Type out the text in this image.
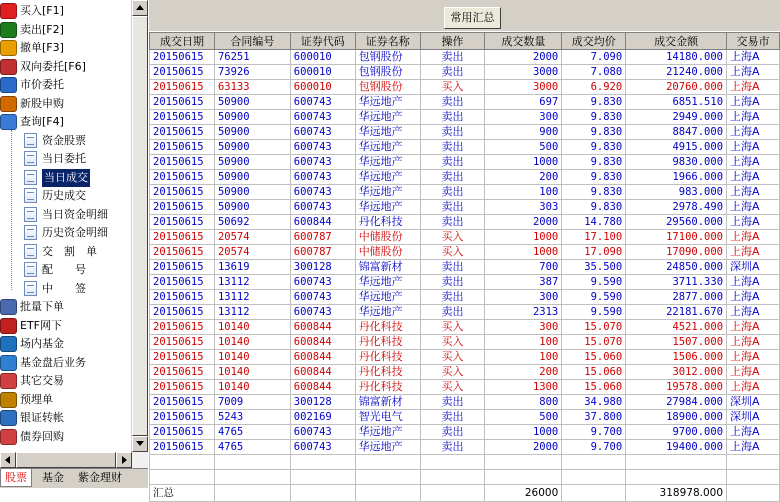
买入[F1]
卖出[F2]
撤单[F3]
双向委托[F6]
市价委托
新股申购
查询[F4]
资金股票
当日委托
当日成交
历史成交
当日资金明细
历史资金明细
交　割　单
配　　号
中　　签
批量下单
ETF网下
场内基金
基金盘后业务
其它交易
预埋单
银证转帐
债券回购
股票	基金	紫金理财
常用汇总
成交日期	合同编号	证券代码	证券名称	操作	成交数量	成交均价	成交金额	交易市
20150615	76251	600010	包钢股份	卖出	2000	7.090	14180.000	上海A
20150615	73926	600010	包钢股份	卖出	3000	7.080	21240.000	上海A
20150615	63133	600010	包钢股份	买入	3000	6.920	20760.000	上海A
20150615	50900	600743	华远地产	卖出	697	9.830	6851.510	上海A
20150615	50900	600743	华远地产	卖出	300	9.830	2949.000	上海A
20150615	50900	600743	华远地产	卖出	900	9.830	8847.000	上海A
20150615	50900	600743	华远地产	卖出	500	9.830	4915.000	上海A
20150615	50900	600743	华远地产	卖出	1000	9.830	9830.000	上海A
20150615	50900	600743	华远地产	卖出	200	9.830	1966.000	上海A
20150615	50900	600743	华远地产	卖出	100	9.830	983.000	上海A
20150615	50900	600743	华远地产	卖出	303	9.830	2978.490	上海A
20150615	50692	600844	丹化科技	卖出	2000	14.780	29560.000	上海A
20150615	20574	600787	中储股份	买入	1000	17.100	17100.000	上海A
20150615	20574	600787	中储股份	买入	1000	17.090	17090.000	上海A
20150615	13619	300128	锦富新材	卖出	700	35.500	24850.000	深圳A
20150615	13112	600743	华远地产	卖出	387	9.590	3711.330	上海A
20150615	13112	600743	华远地产	卖出	300	9.590	2877.000	上海A
20150615	13112	600743	华远地产	卖出	2313	9.590	22181.670	上海A
20150615	10140	600844	丹化科技	买入	300	15.070	4521.000	上海A
20150615	10140	600844	丹化科技	买入	100	15.070	1507.000	上海A
20150615	10140	600844	丹化科技	买入	100	15.060	1506.000	上海A
20150615	10140	600844	丹化科技	买入	200	15.060	3012.000	上海A
20150615	10140	600844	丹化科技	买入	1300	15.060	19578.000	上海A
20150615	7009	300128	锦富新材	卖出	800	34.980	27984.000	深圳A
20150615	5243	002169	智光电气	卖出	500	37.800	18900.000	深圳A
20150615	4765	600743	华远地产	卖出	1000	9.700	9700.000	上海A
20150615	4765	600743	华远地产	卖出	2000	9.700	19400.000	上海A

汇总					26000		318978.000	
